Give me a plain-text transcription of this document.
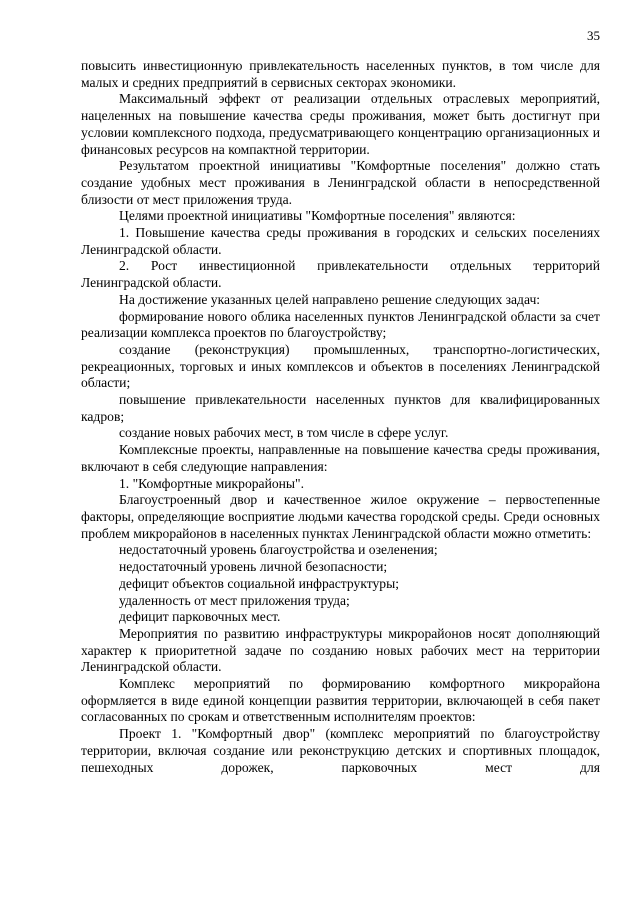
35

повысить инвестиционную привлекательность населенных пунктов, в том числе для малых и средних предприятий в сервисных секторах экономики.

Максимальный эффект от реализации отдельных отраслевых мероприятий, нацеленных на повышение качества среды проживания, может быть достигнут при условии комплексного подхода, предусматривающего концентрацию организационных и финансовых ресурсов на компактной территории.

Результатом проектной инициативы "Комфортные поселения" должно стать создание удобных мест проживания в Ленинградской области в непосредственной близости от мест приложения труда.

Целями проектной инициативы "Комфортные поселения" являются:

1. Повышение качества среды проживания в городских и сельских поселениях Ленинградской области.

2. Рост инвестиционной привлекательности отдельных территорий Ленинградской области.

На достижение указанных целей направлено решение следующих задач:

формирование нового облика населенных пунктов Ленинградской области за счет реализации комплекса проектов по благоустройству;

создание (реконструкция) промышленных, транспортно-логистических, рекреационных, торговых и иных комплексов и объектов в поселениях Ленинградской области;

повышение привлекательности населенных пунктов для квалифицированных кадров;

создание новых рабочих мест, в том числе в сфере услуг.

Комплексные проекты, направленные на повышение качества среды проживания, включают в себя следующие направления:

1. "Комфортные микрорайоны".

Благоустроенный двор и качественное жилое окружение – первостепенные факторы, определяющие восприятие людьми качества городской среды. Среди основных проблем микрорайонов в населенных пунктах Ленинградской области можно отметить:

недостаточный уровень благоустройства и озеленения;

недостаточный уровень личной безопасности;

дефицит объектов социальной инфраструктуры;

удаленность от мест приложения труда;

дефицит парковочных мест.

Мероприятия по развитию инфраструктуры микрорайонов носят дополняющий характер к приоритетной задаче по созданию новых рабочих мест на территории Ленинградской области.

Комплекс мероприятий по формированию комфортного микрорайона оформляется в виде единой концепции развития территории, включающей в себя пакет согласованных по срокам и ответственным исполнителям проектов:

Проект 1. "Комфортный двор" (комплекс мероприятий по благоустройству территории, включая создание или реконструкцию детских и спортивных площадок, пешеходных дорожек, парковочных мест для
